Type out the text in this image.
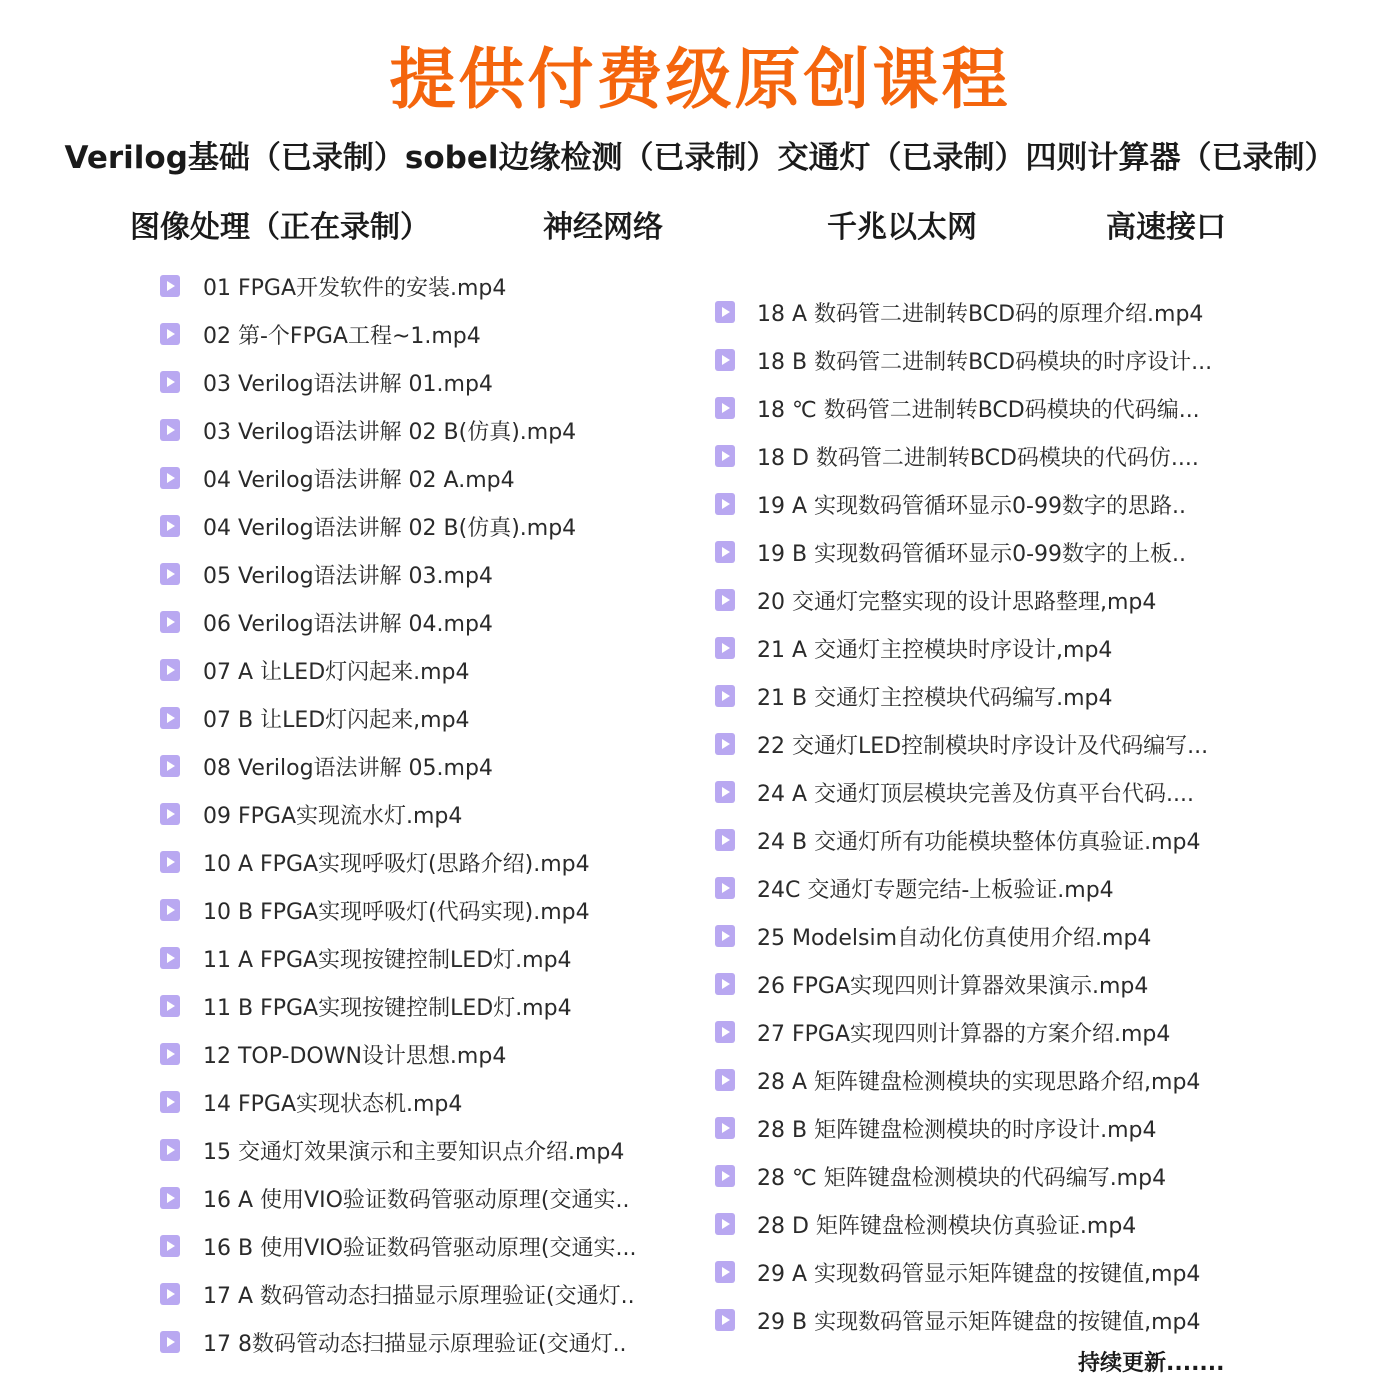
提供付费级原创课程
Verilog基础（已录制）sobel边缘检测（已录制）交通灯（已录制）四则计算器（已录制）
图像处理（正在录制）	神经网络	千兆以太网	高速接口
01 FPGA开发软件的安装.mp4
02 第-个FPGA工程~1.mp4
03 Verilog语法讲解 01.mp4
03 Verilog语法讲解 02 B(仿真).mp4
04 Verilog语法讲解 02 A.mp4
04 Verilog语法讲解 02 B(仿真).mp4
05 Verilog语法讲解 03.mp4
06 Verilog语法讲解 04.mp4
07 A 让LED灯闪起来.mp4
07 B 让LED灯闪起来,mp4
08 Verilog语法讲解 05.mp4
09 FPGA实现流水灯.mp4
10 A FPGA实现呼吸灯(思路介绍).mp4
10 B FPGA实现呼吸灯(代码实现).mp4
11 A FPGA实现按键控制LED灯.mp4
11 B FPGA实现按键控制LED灯.mp4
12 TOP-DOWN设计思想.mp4
14 FPGA实现状态机.mp4
15 交通灯效果演示和主要知识点介绍.mp4
16 A 使用VIO验证数码管驱动原理(交通实..
16 B 使用VIO验证数码管驱动原理(交通实...
17 A 数码管动态扫描显示原理验证(交通灯..
17 8数码管动态扫描显示原理验证(交通灯..
18 A 数码管二进制转BCD码的原理介绍.mp4
18 B 数码管二进制转BCD码模块的时序设计...
18 ℃ 数码管二进制转BCD码模块的代码编...
18 D 数码管二进制转BCD码模块的代码仿....
19 A 实现数码管循环显示0-99数字的思路..
19 B 实现数码管循环显示0-99数字的上板..
20 交通灯完整实现的设计思路整理,mp4
21 A 交通灯主控模块时序设计,mp4
21 B 交通灯主控模块代码编写.mp4
22 交通灯LED控制模块时序设计及代码编写...
24 A 交通灯顶层模块完善及仿真平台代码....
24 B 交通灯所有功能模块整体仿真验证.mp4
24C 交通灯专题完结-上板验证.mp4
25 Modelsim自动化仿真使用介绍.mp4
26 FPGA实现四则计算器效果演示.mp4
27 FPGA实现四则计算器的方案介绍.mp4
28 A 矩阵键盘检测模块的实现思路介绍,mp4
28 B 矩阵键盘检测模块的时序设计.mp4
28 ℃ 矩阵键盘检测模块的代码编写.mp4
28 D 矩阵键盘检测模块仿真验证.mp4
29 A 实现数码管显示矩阵键盘的按键值,mp4
29 B 实现数码管显示矩阵键盘的按键值,mp4
持续更新.......
